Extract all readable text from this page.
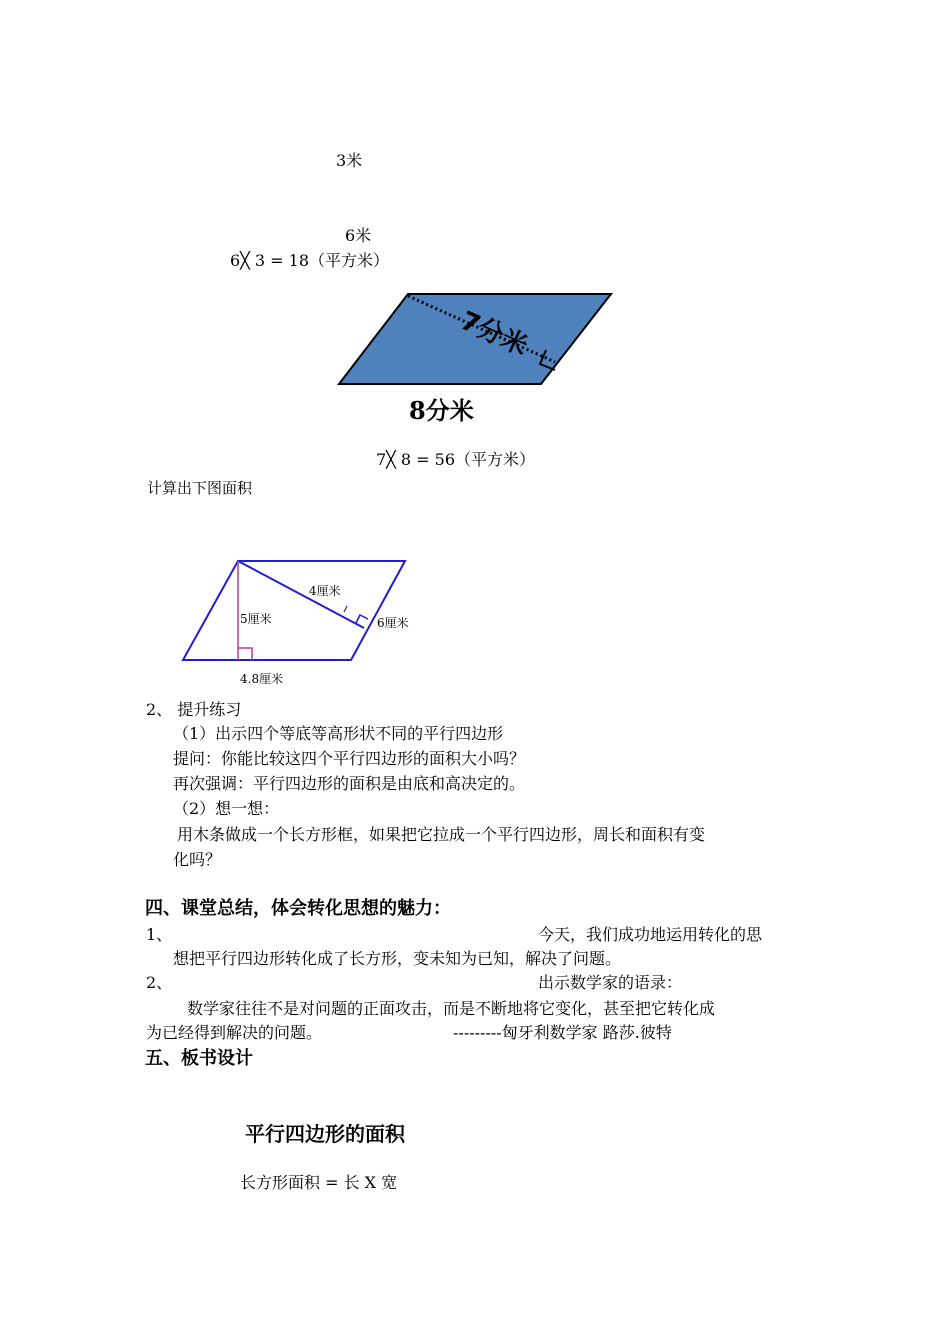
3米
6米
6╳ 3 = 18（平方米）
7分米
8分米
7╳ 8 = 56（平方米）
计算出下图面积
4厘米
5厘米	6厘米
4.8厘米
2、 提升练习
（1）出示四个等底等高形状不同的平行四边形
提问：你能比较这四个平行四边形的面积大小吗？
再次强调：平行四边形的面积是由底和高决定的。
（2）想一想：
用木条做成一个长方形框，如果把它拉成一个平行四边形，周长和面积有变
化吗？
四、课堂总结，体会转化思想的魅力：
1、	今天，我们成功地运用转化的思
想把平行四边形转化成了长方形，变未知为已知，解决了问题。
2、	出示数学家的语录：
数学家往往不是对问题的正面攻击，而是不断地将它变化，甚至把它转化成
为已经得到解决的问题。	---------匈牙利数学家 路莎.彼特
五、板书设计
平行四边形的面积
长方形面积 = 长 X 宽
